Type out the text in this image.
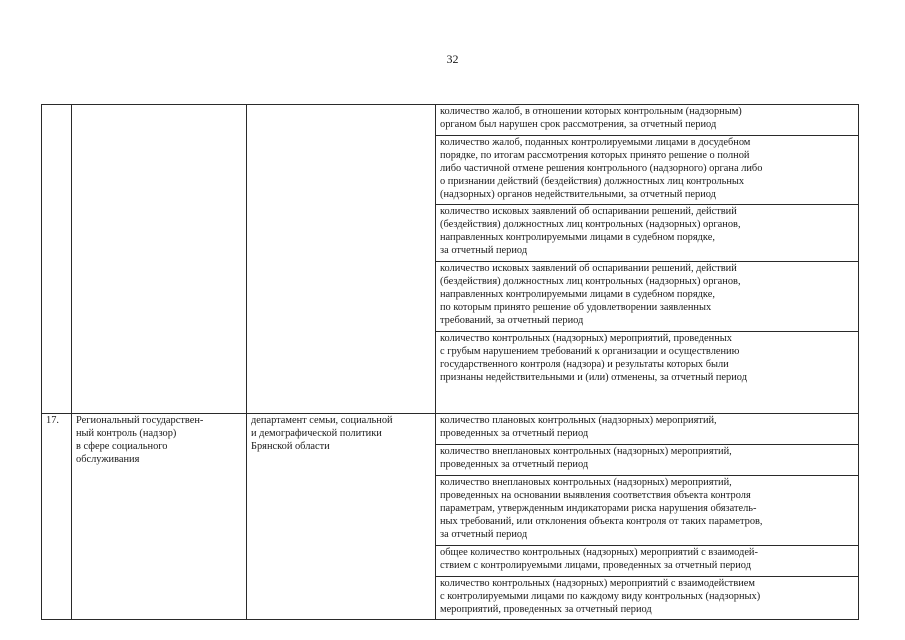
32
			количество жалоб, в отношении которых контрольным (надзорным)
органом был нарушен срок рассмотрения, за отчетный период
			количество жалоб, поданных контролируемыми лицами в досудебном
порядке, по итогам рассмотрения которых принято решение о полной
либо частичной отмене решения контрольного (надзорного) органа либо
о признании действий (бездействия) должностных лиц контрольных
(надзорных) органов недействительными, за отчетный период
			количество исковых заявлений об оспаривании решений, действий
(бездействия) должностных лиц контрольных (надзорных) органов,
направленных контролируемыми лицами в судебном порядке,
за отчетный период
			количество исковых заявлений об оспаривании решений, действий
(бездействия) должностных лиц контрольных (надзорных) органов,
направленных контролируемыми лицами в судебном порядке,
по которым принято решение об удовлетворении заявленных
требований, за отчетный период
			количество контрольных (надзорных) мероприятий, проведенных
с грубым нарушением требований к организации и осуществлению
государственного контроля (надзора) и результаты которых были
признаны недействительными и (или) отменены, за отчетный период
17.	Региональный государствен-
ный контроль (надзор)
в сфере социального
обслуживания	департамент семьи, социальной
и демографической политики
Брянской области	количество плановых контрольных (надзорных) мероприятий,
проведенных за отчетный период
			количество внеплановых контрольных (надзорных) мероприятий,
проведенных за отчетный период
			количество внеплановых контрольных (надзорных) мероприятий,
проведенных на основании выявления соответствия объекта контроля
параметрам, утвержденным индикаторами риска нарушения обязатель-
ных требований, или отклонения объекта контроля от таких параметров,
за отчетный период
			общее количество контрольных (надзорных) мероприятий с взаимодей-
ствием с контролируемыми лицами, проведенных за отчетный период
			количество контрольных (надзорных) мероприятий с взаимодействием
с контролируемыми лицами по каждому виду контрольных (надзорных)
мероприятий, проведенных за отчетный период
